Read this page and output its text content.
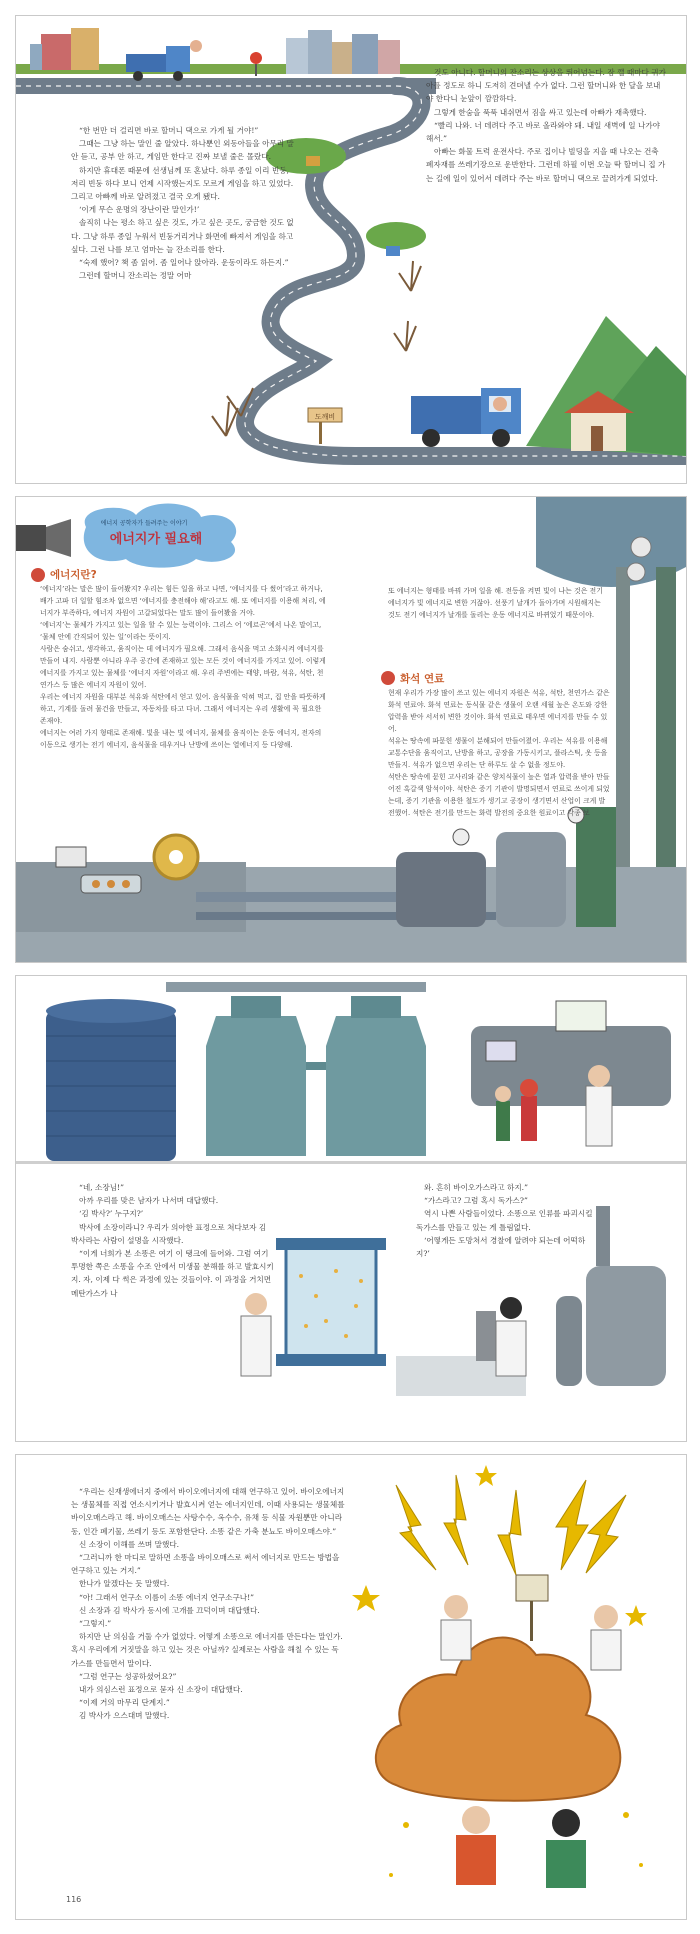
도깨비

“한 번만 더 걸리면 바로 할머니 댁으로 가게 될 거야!”

그때는 그냥 하는 말인 줄 알았다. 하나뿐인 외동아들을 아무리 말 안 듣고, 공부 안 하고, 게임만 한다고 진짜 보낼 줄은 몰랐다.

하지만 휴대폰 때문에 선생님께 또 혼났다. 하루 종일 이리 빈둥, 저리 빈둥 하다 보니 언제 시작했는지도 모르게 게임을 하고 있었다. 그리고 아빠께 바로 알려졌고 결국 오게 됐다.

‘이게 무슨 운명의 장난이란 말인가!’

솔직히 나는 평소 하고 싶은 것도, 가고 싶은 곳도, 궁금한 것도 없다. 그냥 하루 종일 누워서 빈둥거리거나 화면에 빠져서 게임을 하고 싶다. 그런 나를 보고 엄마는 늘 잔소리를 한다.

“숙제 했어? 책 좀 읽어. 좀 일어나 앉아라. 운동이라도 하든지.”

그런데 할머니 잔소리는 정말 어마

것도 아니다. 할머니의 잔소리는 상상을 뛰어넘는다. 잠 깰 때마다 귀가 아플 정도로 하니 도저히 견뎌낼 수가 없다. 그런 할머니와 한 달을 보내야 한다니 눈앞이 깜깜하다.

그렇게 한숨을 푹푹 내쉬면서 짐을 싸고 있는데 아빠가 재촉했다.

“빨리 나와. 너 데려다 주고 바로 올라와야 돼. 내일 새벽에 일 나가야 해서.”

아빠는 화물 트럭 운전사다. 주로 집이나 빌딩을 지을 때 나오는 건축 폐자재를 쓰레기장으로 운반한다. 그런데 하필 이번 오늘 딱 할머니 집 가는 길에 일이 있어서 데려다 주는 바로 할머니 댁으로 끌려가게 되었다.

에너지 공학자가 들려주는 이야기
에너지가 필요해
에너지란?

‘에너지’라는 말은 많이 들어봤지? 우리는 힘든 일을 하고 나면, ‘에너지를 다 썼어’라고 하거나, 배가 고파 더 일할 힘조차 없으면 ‘에너지를 충전해야 해’라고도 해. 또 에너지를 이용해 처리, 에너지가 부족하다, 에너지 자원이 고갈되었다는 말도 많이 들어봤을 거야.

‘에너지’는 물체가 가지고 있는 일을 할 수 있는 능력이야. 그리스 어 ‘에르곤’에서 나온 말이고, ‘물체 안에 간직되어 있는 일’이라는 뜻이지.

사람은 숨쉬고, 생각하고, 움직이는 데 에너지가 필요해. 그래서 음식을 먹고 소화시켜 에너지를 만들어 내지. 사람뿐 아니라 우주 공간에 존재하고 있는 모든 것이 에너지를 가지고 있어. 이렇게 에너지를 가지고 있는 물체를 ‘에너지 자원’이라고 해. 우리 주변에는 태양, 바람, 석유, 석탄, 천연가스 등 많은 에너지 자원이 있어.

우리는 에너지 자원을 대부분 석유와 석탄에서 얻고 있어. 음식물을 익혀 먹고, 집 안을 따뜻하게 하고, 기계를 돌려 물건을 만들고, 자동차를 타고 다녀. 그래서 에너지는 우리 생활에 꼭 필요한 존재야.

에너지는 여러 가지 형태로 존재해. 빛을 내는 빛 에너지, 물체를 움직이는 운동 에너지, 전자의 이동으로 생기는 전기 에너지, 음식물을 데우거나 난방에 쓰이는 열에너지 등 다양해.

또 에너지는 형태를 바꿔 가며 일을 해. 전등을 켜면 빛이 나는 것은 전기 에너지가 빛 에너지로 변한 거잖아. 선풍기 날개가 돌아가며 시원해지는 것도 전기 에너지가 날개를 돌리는 운동 에너지로 바뀌었기 때문이야.

화석 연료

현재 우리가 가장 많이 쓰고 있는 에너지 자원은 석유, 석탄, 천연가스 같은 화석 연료야. 화석 연료는 동식물 같은 생물이 오랜 세월 높은 온도와 강한 압력을 받아 서서히 변한 것이야. 화석 연료로 태우면 에너지를 만들 수 있어.

석유는 땅속에 파묻힌 생물이 분해되어 만들어졌어. 우리는 석유를 이용해 교통수단을 움직이고, 난방을 하고, 공장을 가동시키고, 플라스틱, 옷 등을 만들지. 석유가 없으면 우리는 단 하루도 살 수 없을 정도야.

석탄은 땅속에 묻힌 고사리와 같은 양치식물이 높은 열과 압력을 받아 만들어진 흑갈색 암석이야. 석탄은 증기 기관이 발명되면서 연료로 쓰이게 되었는데, 증기 기관을 이용한 철도가 생기고 공장이 생기면서 산업이 크게 발전했어. 석탄은 전기를 만드는 화력 발전의 중요한 원료이고 각종 보

“네, 소장님!”

아까 우리를 맞은 남자가 나서며 대답했다.

‘김 박사?’ 누구지?’

박사에 소장이라니? 우리가 의아한 표정으로 쳐다보자 김 박사라는 사람이 설명을 시작했다.

“이게 너희가 본 소똥은 여기 이 탱크에 들어와. 그럼 여기 투명한 쪽은 소똥을 수조 안에서 미생물 분해를 하고 발효시키지. 자, 이제 다 썩은 과정에 있는 것들이야. 이 과정을 거치면 메탄가스가 나

와. 흔히 바이오가스라고 하지.”

“가스라고? 그럼 혹시 독가스?”

역시 나쁜 사람들이었다. 소똥으로 인류를 파괴시킬 독가스를 만들고 있는 게 틀림없다.

‘어떻게든 도망쳐서 경찰에 알려야 되는데 어떡하지?’

“우리는 신재생에너지 중에서 바이오에너지에 대해 연구하고 있어. 바이오에너지는 생물체를 직접 연소시키거나 발효시켜 얻는 에너지인데, 이때 사용되는 생물체를 바이오매스라고 해. 바이오매스는 사탕수수, 옥수수, 유채 등 식물 자원뿐만 아니라 동, 인간 폐기물, 쓰레기 등도 포함한단다. 소똥 같은 가축 분뇨도 바이오매스야.”

신 소장이 이해를 쓰며 말했다.

“그러니까 한 마디로 말하면 소똥을 바이오매스로 써서 에너지로 만드는 방법을 연구하고 있는 거지.”

한나가 알겠다는 듯 말했다.

“아! 그래서 연구소 이름이 소똥 에너지 연구소구나!”

신 소장과 김 박사가 동시에 고개를 끄덕이며 대답했다.

“그렇지.”

하지만 난 의심을 거둘 수가 없었다. 어떻게 소똥으로 에너지를 만든다는 말인가. 혹시 우리에게 거짓말을 하고 있는 것은 아닐까? 실제로는 사람을 해칠 수 있는 독가스를 만들면서 말이다.

“그럼 연구는 성공하셨어요?”

내가 의심스런 표정으로 묻자 신 소장이 대답했다.

“이제 거의 마무리 단계지.”

김 박사가 으스대며 말했다.

116
